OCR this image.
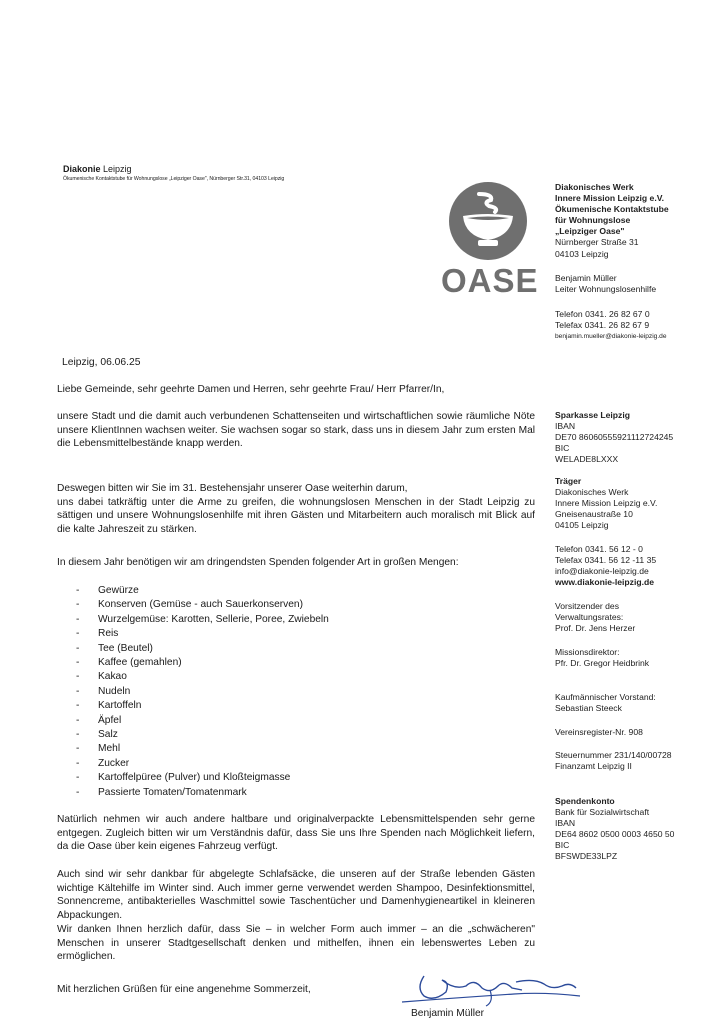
Diakonie Leipzig
Ökumenische Kontaktstube für Wohnungslose „Leipziger Oase", Nürnberger Str.31, 04103 Leipzig
OASE
Diakonisches Werk
Innere Mission Leipzig e.V.
Ökumenische Kontaktstube
für Wohnungslose
„Leipziger Oase"
Nürnberger Straße 31
04103 Leipzig
Benjamin Müller
Leiter Wohnungslosenhilfe
Telefon 0341. 26 82 67 0
Telefax 0341. 26 82 67 9
benjamin.mueller@diakonie-leipzig.de
Sparkasse Leipzig
IBAN
DE70 86060555921112724245
BIC
WELADE8LXXX
Träger
Diakonisches Werk
Innere Mission Leipzig e.V.
Gneisenaustraße 10
04105 Leipzig
Telefon 0341. 56 12 - 0
Telefax 0341. 56 12 -11 35
info@diakonie-leipzig.de
www.diakonie-leipzig.de
Vorsitzender des
Verwaltungsrates:
Prof. Dr. Jens Herzer
Missionsdirektor:
Pfr. Dr. Gregor Heidbrink
Kaufmännischer Vorstand:
Sebastian Steeck
Vereinsregister-Nr. 908
Steuernummer 231/140/00728
Finanzamt Leipzig II
Spendenkonto
Bank für Sozialwirtschaft
IBAN
DE64 8602 0500 0003 4650 50
BIC
BFSWDE33LPZ
Leipzig, 06.06.25
Liebe Gemeinde, sehr geehrte Damen und Herren, sehr geehrte Frau/ Herr Pfarrer/In,
unsere Stadt und die damit auch verbundenen Schattenseiten und wirtschaftlichen sowie räumliche Nöte unsere KlientInnen wachsen weiter. Sie wachsen sogar so stark, dass uns in diesem Jahr zum ersten Mal die Lebensmittelbestände knapp werden.
Deswegen bitten wir Sie im 31. Bestehensjahr unserer Oase weiterhin darum,
uns dabei tatkräftig unter die Arme zu greifen, die wohnungslosen Menschen in der Stadt Leipzig zu sättigen und unsere Wohnungslosenhilfe mit ihren Gästen und Mitarbeitern auch moralisch mit Blick auf die kalte Jahreszeit zu stärken.
In diesem Jahr benötigen wir am dringendsten Spenden folgender Art in großen Mengen:
- Gewürze
- Konserven (Gemüse - auch Sauerkonserven)
- Wurzelgemüse: Karotten, Sellerie, Poree, Zwiebeln
- Reis
- Tee (Beutel)
- Kaffee (gemahlen)
- Kakao
- Nudeln
- Kartoffeln
- Äpfel
- Salz
- Mehl
- Zucker
- Kartoffelpüree (Pulver) und Kloßteigmasse
- Passierte Tomaten/Tomatenmark
Natürlich nehmen wir auch andere haltbare und originalverpackte Lebensmittelspenden sehr gerne entgegen. Zugleich bitten wir um Verständnis dafür, dass Sie uns Ihre Spenden nach Möglichkeit liefern, da die Oase über kein eigenes Fahrzeug verfügt.
Auch sind wir sehr dankbar für abgelegte Schlafsäcke, die unseren auf der Straße lebenden Gästen wichtige Kältehilfe im Winter sind. Auch immer gerne verwendet werden Shampoo, Desinfektionsmittel, Sonnencreme, antibakterielles Waschmittel sowie Taschentücher und Damenhygieneartikel in kleineren Abpackungen.
Wir danken Ihnen herzlich dafür, dass Sie – in welcher Form auch immer – an die „schwächeren" Menschen in unserer Stadtgesellschaft denken und mithelfen, ihnen ein lebenswertes Leben zu ermöglichen.
Mit herzlichen Grüßen für eine angenehme Sommerzeit,
Benjamin Müller
